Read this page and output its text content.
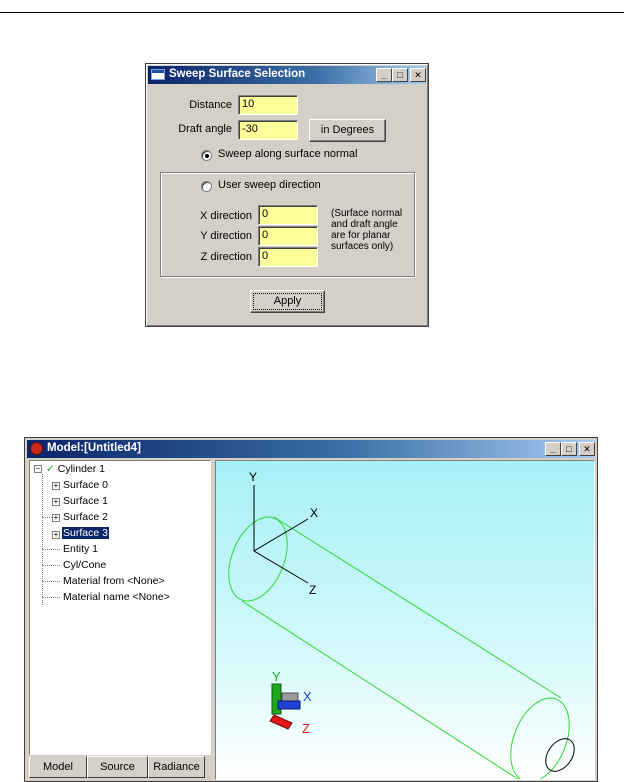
Sweep Surface Selection	_	□	✕
Distance 10
Draft angle -30	in Degrees
Sweep along surface normal
User sweep direction
X direction 0
Y direction 0
Z direction 0
(Surface normal
and draft angle
are for planar
surfaces only)
Apply
Model:[Untitled4]	_	□	✕
− ✓ Cylinder 1
+ Surface 0
+ Surface 1
+ Surface 2
+ Surface 3
Entity 1
Cyl/Cone
Material from <None>
Material name <None>
Model	Source	Radiance
Y
X
Z
Y
X
Z
